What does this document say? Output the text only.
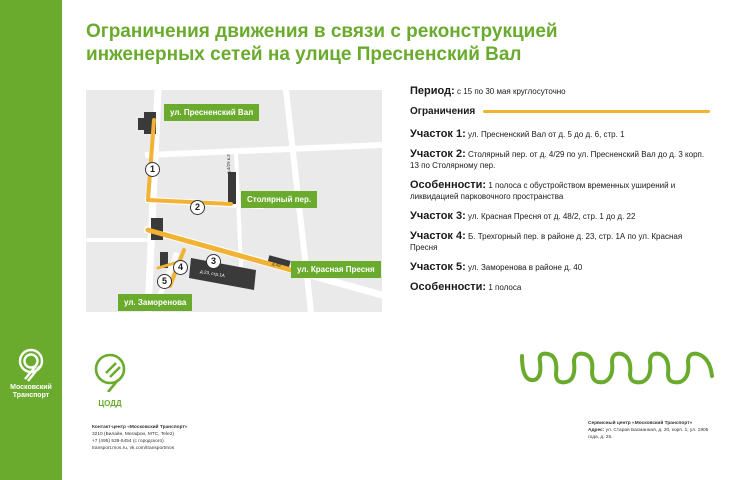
Московский
Транспорт
Ограничения движения в связи с реконструкцией
инженерных сетей на улице Пресненский Вал
ул. Пресненский Вал
Столярный пер.
ул. Красная Пресня
ул. Заморенова
1
2
3
4
5
д.4/29 к.3
д.48
д.23, стр.1А
Период: с 15 по 30 мая круглосуточно
Ограничения
Участок 1: ул. Пресненский Вал от д. 5 до д. 6, стр. 1
Участок 2: Столярный пер. от д. 4/29 по ул. Пресненский Вал до д. 3 корп. 13 по Столярному пер.
Особенности: 1 полоса с обустройством временных уширений и ликвидацией парковочного пространства
Участок 3: ул. Красная Пресня от д. 48/2, стр. 1 до д. 22
Участок 4: Б. Трехгорный пер. в районе д. 23, стр. 1А по ул. Красная Пресня
Участок 5: ул. Заморенова в районе д. 40
Особенности: 1 полоса
ЦОДД
Контакт-центр «Московский Транспорт»
3210 (Билайн, Мегафон, МТС, Tele2)
+7 (495) 539-5454 (с городского)
transport.mos.ru, vk.com/transportmos
Сервисный центр «Московский Транспорт»
Адрес: ул. Старая Басманная, д. 20, корп. 1; ул. 1905 года, д. 25.
